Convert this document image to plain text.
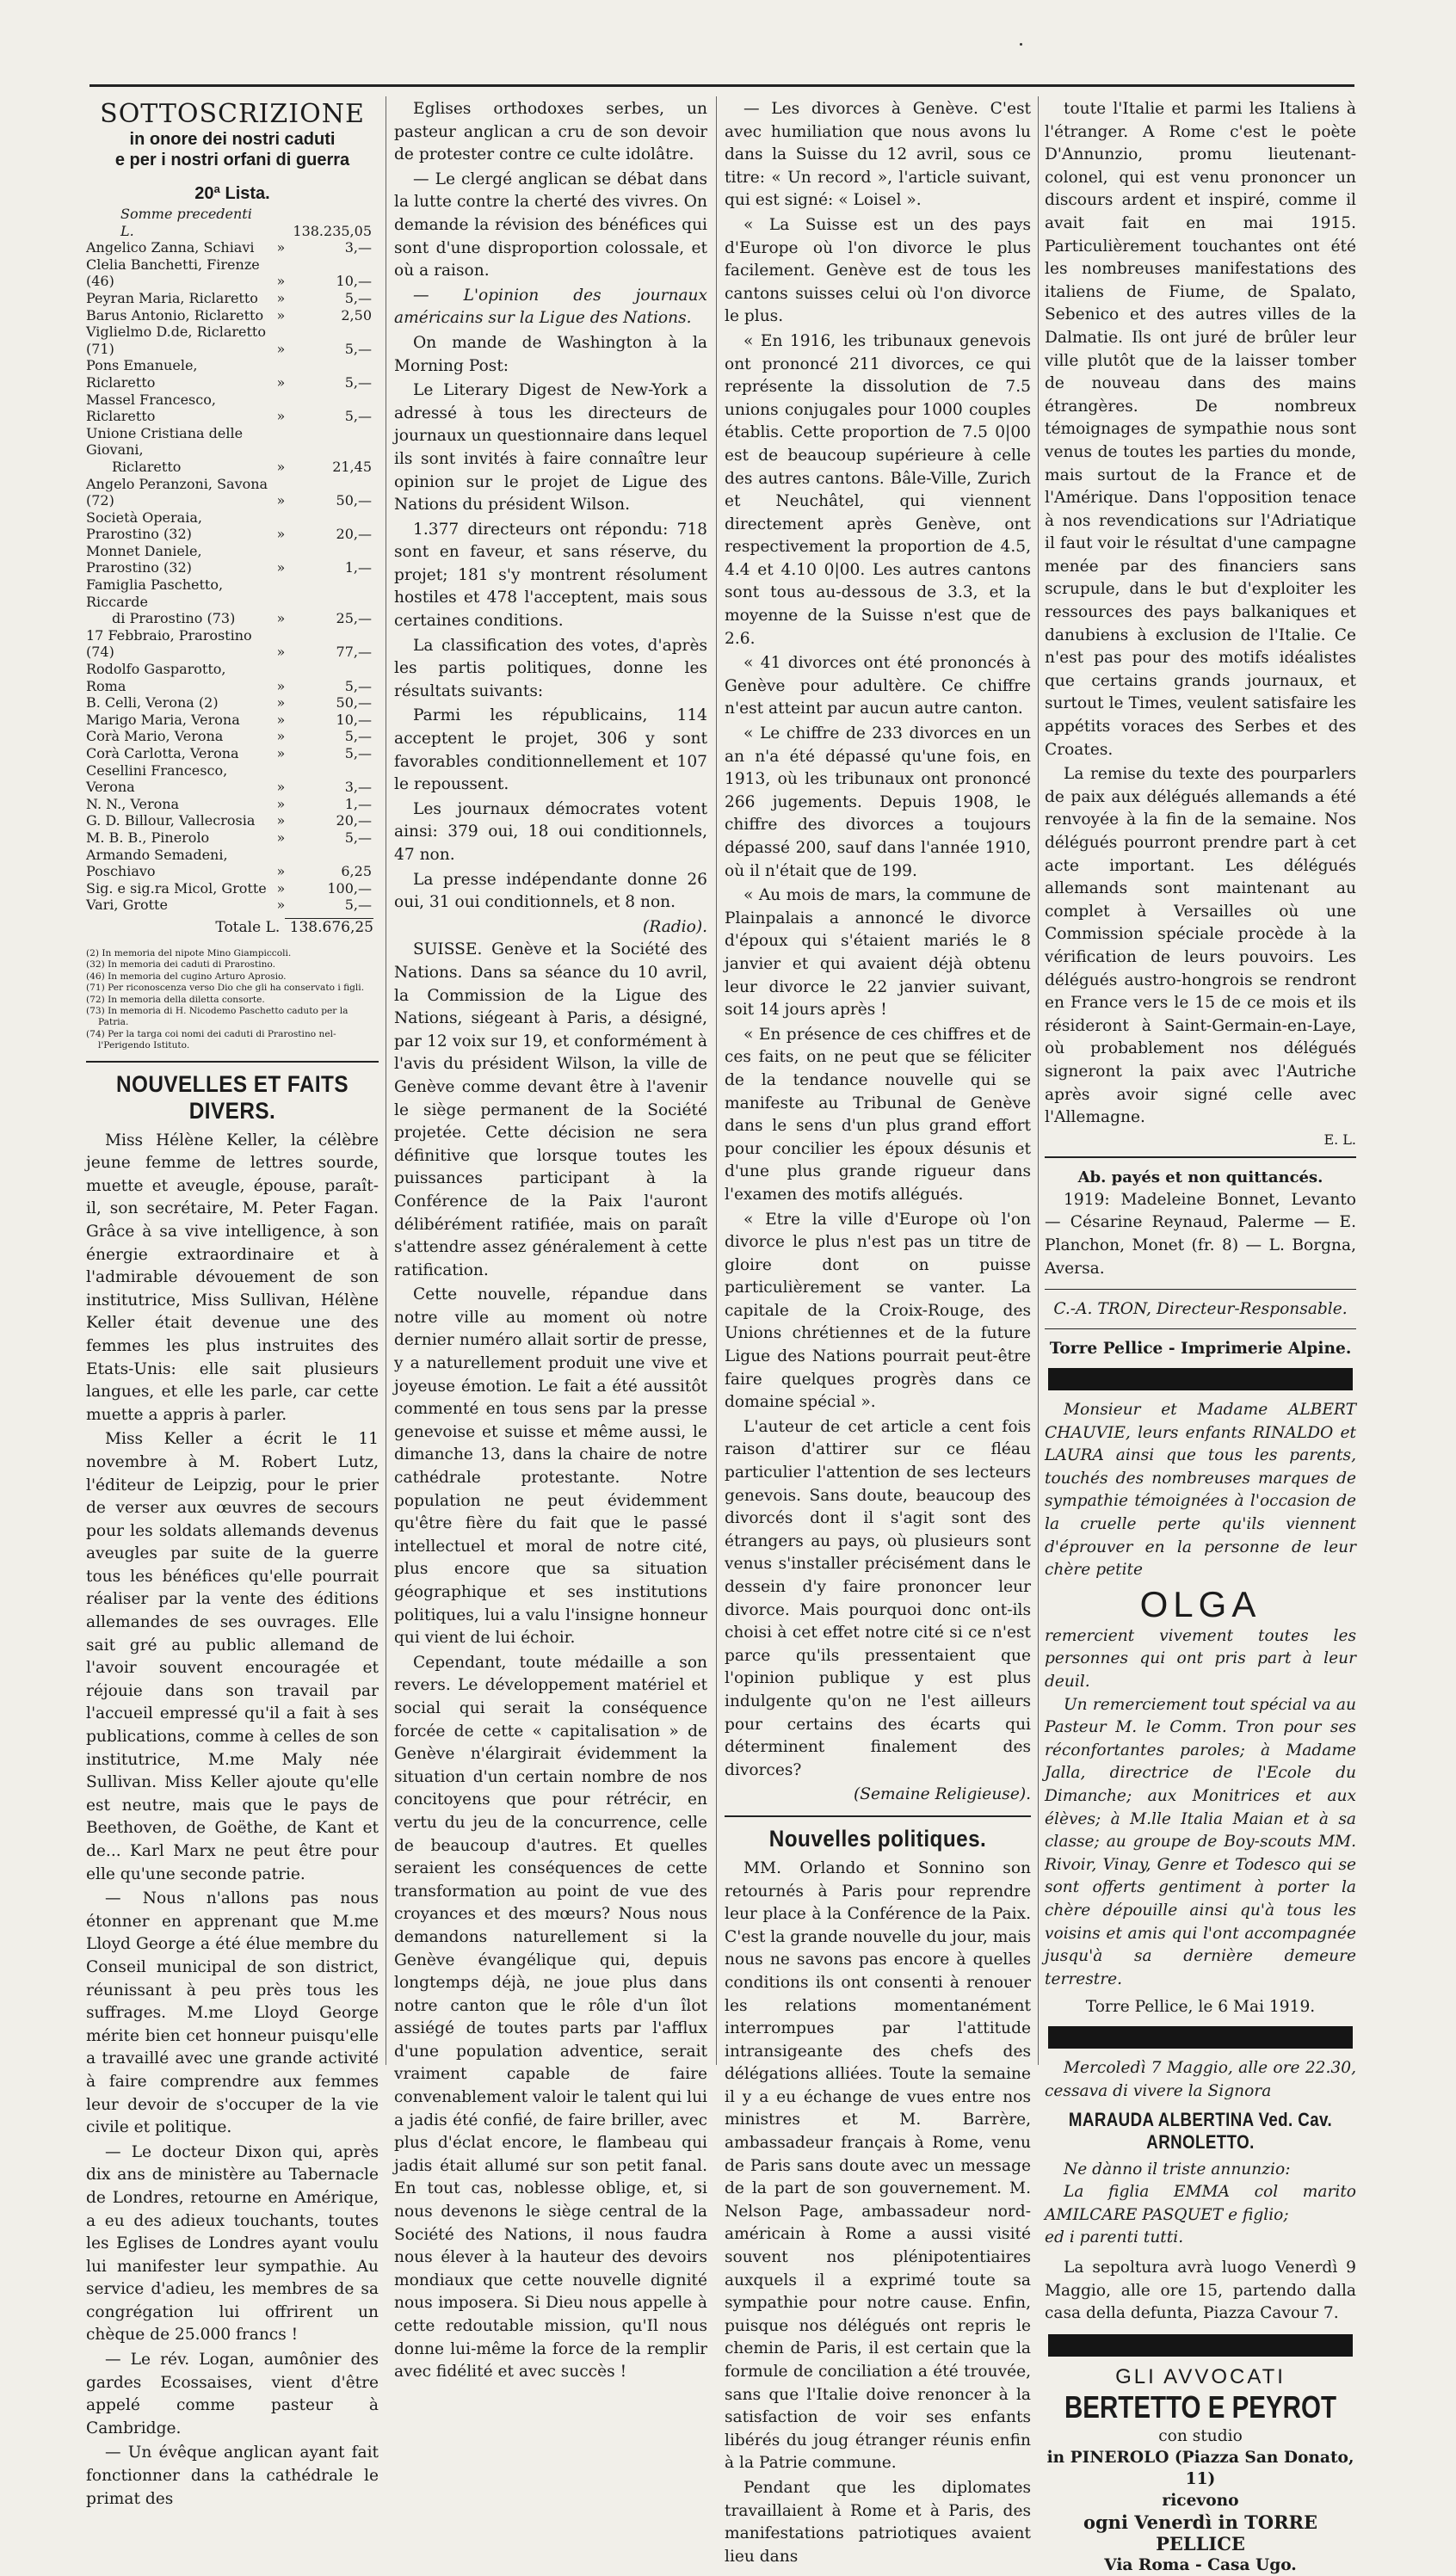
SOTTOSCRIZIONE
in onore dei nostri caduti
e per i nostri orfani di guerra
20ª Lista.
Somme precedenti L.		138.235,05
Angelico Zanna, Schiavi	»	3,—
Clelia Banchetti, Firenze (46)	»	10,—
Peyran Maria, Riclaretto	»	5,—
Barus Antonio, Riclaretto	»	2,50
Viglielmo D.de, Riclaretto (71)	»	5,—
Pons Emanuele, Riclaretto	»	5,—
Massel Francesco, Riclaretto	»	5,—
Unione Cristiana delle Giovani,		
Riclaretto	»	21,45
Angelo Peranzoni, Savona (72)	»	50,—
Società Operaia, Prarostino (32)	»	20,—
Monnet Daniele, Prarostino (32)	»	1,—
Famiglia Paschetto, Riccarde		
di Prarostino (73)	»	25,—
17 Febbraio, Prarostino (74)	»	77,—
Rodolfo Gasparotto, Roma	»	5,—
B. Celli, Verona (2)	»	50,—
Marigo Maria, Verona	»	10,—
Corà Mario, Verona	»	5,—
Corà Carlotta, Verona	»	5,—
Cesellini Francesco, Verona	»	3,—
N. N., Verona	»	1,—
G. D. Billour, Vallecrosia	»	20,—
M. B. B., Pinerolo	»	5,—
Armando Semadeni, Poschiavo	»	6,25
Sig. e sig.ra Micol, Grotte	»	100,—
Vari, Grotte	»	5,—
Totale L. 138.676,25
(2) In memoria del nipote Mino Giampiccoli.
(32) In memoria dei caduti di Prarostino.
(46) In memoria del cugino Arturo Aprosio.
(71) Per riconoscenza verso Dio che gli ha conservato i figli.
(72) In memoria della diletta consorte.
(73) In memoria di H. Nicodemo Paschetto caduto per la Patria.
(74) Per la targa coi nomi dei caduti di Prarostino nel-l'Perigendo Istituto.
NOUVELLES ET FAITS DIVERS.

Miss Hélène Keller, la célèbre jeune femme de lettres sourde, muette et aveugle, épouse, paraît-il, son secrétaire, M. Peter Fagan. Grâce à sa vive intelligence, à son énergie extraordinaire et à l'admirable dévouement de son institutrice, Miss Sullivan, Hélène Keller était devenue une des femmes les plus instruites des Etats-Unis: elle sait plusieurs langues, et elle les parle, car cette muette a appris à parler.

Miss Keller a écrit le 11 novembre à M. Robert Lutz, l'éditeur de Leipzig, pour le prier de verser aux œuvres de secours pour les soldats allemands devenus aveugles par suite de la guerre tous les bénéfices qu'elle pourrait réaliser par la vente des éditions allemandes de ses ouvrages. Elle sait gré au public allemand de l'avoir souvent encouragée et réjouie dans son travail par l'accueil empressé qu'il a fait à ses publications, comme à celles de son institutrice, M.me Maly née Sullivan. Miss Keller ajoute qu'elle est neutre, mais que le pays de Beethoven, de Goëthe, de Kant et de... Karl Marx ne peut être pour elle qu'une seconde patrie.

— Nous n'allons pas nous étonner en apprenant que M.me Lloyd George a été élue membre du Conseil municipal de son district, réunissant à peu près tous les suffrages. M.me Lloyd George mérite bien cet honneur puisqu'elle a travaillé avec une grande activité à faire comprendre aux femmes leur devoir de s'occuper de la vie civile et politique.

— Le docteur Dixon qui, après dix ans de ministère au Tabernacle de Londres, retourne en Amérique, a eu des adieux touchants, toutes les Eglises de Londres ayant voulu lui manifester leur sympathie. Au service d'adieu, les membres de sa congrégation lui offrirent un chèque de 25.000 francs !

— Le rév. Logan, aumônier des gardes Ecossaises, vient d'être appelé comme pasteur à Cambridge.

— Un évêque anglican ayant fait fonctionner dans la cathédrale le primat des

Eglises orthodoxes serbes, un pasteur anglican a cru de son devoir de protester contre ce culte idolâtre.

— Le clergé anglican se débat dans la lutte contre la cherté des vivres. On demande la révision des bénéfices qui sont d'une disproportion colossale, et où a raison.

— L'opinion des journaux américains sur la Ligue des Nations.

On mande de Washington à la Morning Post:

Le Literary Digest de New-York a adressé à tous les directeurs de journaux un questionnaire dans lequel ils sont invités à faire connaître leur opinion sur le projet de Ligue des Nations du président Wilson.

1.377 directeurs ont répondu: 718 sont en faveur, et sans réserve, du projet; 181 s'y montrent résolument hostiles et 478 l'acceptent, mais sous certaines conditions.

La classification des votes, d'après les partis politiques, donne les résultats suivants:

Parmi les républicains, 114 acceptent le projet, 306 y sont favorables conditionnellement et 107 le repoussent.

Les journaux démocrates votent ainsi: 379 oui, 18 oui conditionnels, 47 non.

La presse indépendante donne 26 oui, 31 oui conditionnels, et 8 non.

(Radio).

SUISSE. Genève et la Société des Nations. Dans sa séance du 10 avril, la Commission de la Ligue des Nations, siégeant à Paris, a désigné, par 12 voix sur 19, et conformément à l'avis du président Wilson, la ville de Genève comme devant être à l'avenir le siège permanent de la Société projetée. Cette décision ne sera définitive que lorsque toutes les puissances participant à la Conférence de la Paix l'auront délibérément ratifiée, mais on paraît s'attendre assez généralement à cette ratification.

Cette nouvelle, répandue dans notre ville au moment où notre dernier numéro allait sortir de presse, y a naturellement produit une vive et joyeuse émotion. Le fait a été aussitôt commenté en tous sens par la presse genevoise et suisse et même aussi, le dimanche 13, dans la chaire de notre cathédrale protestante. Notre population ne peut évidemment qu'être fière du fait que le passé intellectuel et moral de notre cité, plus encore que sa situation géographique et ses institutions politiques, lui a valu l'insigne honneur qui vient de lui échoir.

Cependant, toute médaille a son revers. Le développement matériel et social qui serait la conséquence forcée de cette « capitalisation » de Genève n'élargirait évidemment la situation d'un certain nombre de nos concitoyens que pour rétrécir, en vertu du jeu de la concurrence, celle de beaucoup d'autres. Et quelles seraient les conséquences de cette transformation au point de vue des croyances et des mœurs? Nous nous demandons naturellement si la Genève évangélique qui, depuis longtemps déjà, ne joue plus dans notre canton que le rôle d'un îlot assiégé de toutes parts par l'afflux d'une population adventice, serait vraiment capable de faire convenablement valoir le talent qui lui a jadis été confié, de faire briller, avec plus d'éclat encore, le flambeau qui jadis était allumé sur son petit fanal. En tout cas, noblesse oblige, et, si nous devenons le siège central de la Société des Nations, il nous faudra nous élever à la hauteur des devoirs mondiaux que cette nouvelle dignité nous imposera. Si Dieu nous appelle à cette redoutable mission, qu'Il nous donne lui-même la force de la remplir avec fidélité et avec succès !

— Les divorces à Genève. C'est avec humiliation que nous avons lu dans la Suisse du 12 avril, sous ce titre: « Un record », l'article suivant, qui est signé: « Loisel ».

« La Suisse est un des pays d'Europe où l'on divorce le plus facilement. Genève est de tous les cantons suisses celui où l'on divorce le plus.

« En 1916, les tribunaux genevois ont prononcé 211 divorces, ce qui représente la dissolution de 7.5 unions conjugales pour 1000 couples établis. Cette proportion de 7.5 0|00 est de beaucoup supérieure à celle des autres cantons. Bâle-Ville, Zurich et Neuchâtel, qui viennent directement après Genève, ont respectivement la proportion de 4.5, 4.4 et 4.10 0|00. Les autres cantons sont tous au-dessous de 3.3, et la moyenne de la Suisse n'est que de 2.6.

« 41 divorces ont été prononcés à Genève pour adultère. Ce chiffre n'est atteint par aucun autre canton.

« Le chiffre de 233 divorces en un an n'a été dépassé qu'une fois, en 1913, où les tribunaux ont prononcé 266 jugements. Depuis 1908, le chiffre des divorces a toujours dépassé 200, sauf dans l'année 1910, où il n'était que de 199.

« Au mois de mars, la commune de Plainpalais a annoncé le divorce d'époux qui s'étaient mariés le 8 janvier et qui avaient déjà obtenu leur divorce le 22 janvier suivant, soit 14 jours après !

« En présence de ces chiffres et de ces faits, on ne peut que se féliciter de la tendance nouvelle qui se manifeste au Tribunal de Genève dans le sens d'un plus grand effort pour concilier les époux désunis et d'une plus grande rigueur dans l'examen des motifs allégués.

« Etre la ville d'Europe où l'on divorce le plus n'est pas un titre de gloire dont on puisse particulièrement se vanter. La capitale de la Croix-Rouge, des Unions chrétiennes et de la future Ligue des Nations pourrait peut-être faire quelques progrès dans ce domaine spécial ».

L'auteur de cet article a cent fois raison d'attirer sur ce fléau particulier l'attention de ses lecteurs genevois. Sans doute, beaucoup des divorcés dont il s'agit sont des étrangers au pays, où plusieurs sont venus s'installer précisément dans le dessein d'y faire prononcer leur divorce. Mais pourquoi donc ont-ils choisi à cet effet notre cité si ce n'est parce qu'ils pressentaient que l'opinion publique y est plus indulgente qu'on ne l'est ailleurs pour certains des écarts qui déterminent finalement des divorces?

(Semaine Religieuse).
Nouvelles politiques.

MM. Orlando et Sonnino son retournés à Paris pour reprendre leur place à la Conférence de la Paix. C'est la grande nouvelle du jour, mais nous ne savons pas encore à quelles conditions ils ont consenti à renouer les relations momentanément interrompues par l'attitude intransigeante des chefs des délégations alliées. Toute la semaine il y a eu échange de vues entre nos ministres et M. Barrère, ambassadeur français à Rome, venu de Paris sans doute avec un message de la part de son gouvernement. M. Nelson Page, ambassadeur nord-américain à Rome a aussi visité souvent nos plénipotentiaires auxquels il a exprimé toute sa sympathie pour notre cause. Enfin, puisque nos délégués ont repris le chemin de Paris, il est certain que la formule de conciliation a été trouvée, sans que l'Italie doive renoncer à la satisfaction de voir ses enfants libérés du joug étranger réunis enfin à la Patrie commune.

Pendant que les diplomates travaillaient à Rome et à Paris, des manifestations patriotiques avaient lieu dans

toute l'Italie et parmi les Italiens à l'étranger. A Rome c'est le poète D'Annunzio, promu lieutenant-colonel, qui est venu prononcer un discours ardent et inspiré, comme il avait fait en mai 1915. Particulièrement touchantes ont été les nombreuses manifestations des italiens de Fiume, de Spalato, Sebenico et des autres villes de la Dalmatie. Ils ont juré de brûler leur ville plutôt que de la laisser tomber de nouveau dans des mains étrangères. De nombreux témoignages de sympathie nous sont venus de toutes les parties du monde, mais surtout de la France et de l'Amérique. Dans l'opposition tenace à nos revendications sur l'Adriatique il faut voir le résultat d'une campagne menée par des financiers sans scrupule, dans le but d'exploiter les ressources des pays balkaniques et danubiens à exclusion de l'Italie. Ce n'est pas pour des motifs idéalistes que certains grands journaux, et surtout le Times, veulent satisfaire les appétits voraces des Serbes et des Croates.

La remise du texte des pourparlers de paix aux délégués allemands a été renvoyée à la fin de la semaine. Nos délégués pourront prendre part à cet acte important. Les délégués allemands sont maintenant au complet à Versailles où une Commission spéciale procède à la vérification de leurs pouvoirs. Les délégués austro-hongrois se rendront en France vers le 15 de ce mois et ils résideront à Saint-Germain-en-Laye, où probablement nos délégués signeront la paix avec l'Autriche après avoir signé celle avec l'Allemagne.

E. L.
Ab. payés et non quittancés.

1919: Madeleine Bonnet, Levanto — Césarine Reynaud, Palerme — E. Planchon, Monet (fr. 8) — L. Borgna, Aversa.

C.-A. TRON, Directeur-Responsable.
Torre Pellice - Imprimerie Alpine.
Monsieur et Madame ALBERT CHAUVIE, leurs enfants RINALDO et LAURA ainsi que tous les parents, touchés des nombreuses marques de sympathie témoignées à l'occasion de la cruelle perte qu'ils viennent d'éprouver en la personne de leur chère petite
OLGA
remercient vivement toutes les personnes qui ont pris part à leur deuil.
Un remerciement tout spécial va au Pasteur M. le Comm. Tron pour ses réconfortantes paroles; à Madame Jalla, directrice de l'Ecole du Dimanche; aux Monitrices et aux élèves; à M.lle Italia Maian et à sa classe; au groupe de Boy-scouts MM. Rivoir, Vinay, Genre et Todesco qui se sont offerts gentiment à porter la chère dépouille ainsi qu'à tous les voisins et amis qui l'ont accompagnée jusqu'à sa dernière demeure terrestre.
Torre Pellice, le 6 Mai 1919.
Mercoledì 7 Maggio, alle ore 22.30, cessava di vivere la Signora
MARAUDA ALBERTINA Ved. Cav. ARNOLETTO.
Ne dànno il triste annunzio:
La figlia EMMA col marito AMILCARE PASQUET e figlio;
ed i parenti tutti.

La sepoltura avrà luogo Venerdì 9 Maggio, alle ore 15, partendo dalla casa della defunta, Piazza Cavour 7.

GLI AVVOCATI
BERTETTO E PEYROT
con studio
in PINEROLO (Piazza San Donato, 11)
ricevono
ogni Venerdì in TORRE PELLICE
Via Roma - Casa Ugo.
